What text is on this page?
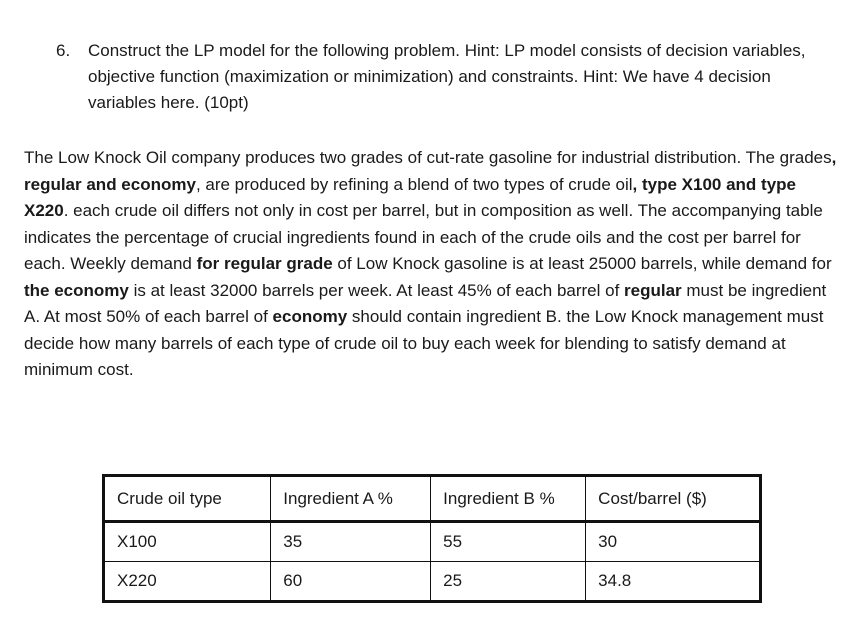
6. Construct the LP model for the following problem. Hint: LP model consists of decision variables, objective function (maximization or minimization) and constraints. Hint: We have 4 decision variables here. (10pt)
The Low Knock Oil company produces two grades of cut-rate gasoline for industrial distribution. The grades, regular and economy, are produced by refining a blend of two types of crude oil, type X100 and type X220. each crude oil differs not only in cost per barrel, but in composition as well. The accompanying table indicates the percentage of crucial ingredients found in each of the crude oils and the cost per barrel for each. Weekly demand for regular grade of Low Knock gasoline is at least 25000 barrels, while demand for the economy is at least 32000 barrels per week. At least 45% of each barrel of regular must be ingredient A. At most 50% of each barrel of economy should contain ingredient B. the Low Knock management must decide how many barrels of each type of crude oil to buy each week for blending to satisfy demand at minimum cost.
Crude oil type	Ingredient A %	Ingredient B %	Cost/barrel ($)
X100	35	55	30
X220	60	25	34.8
